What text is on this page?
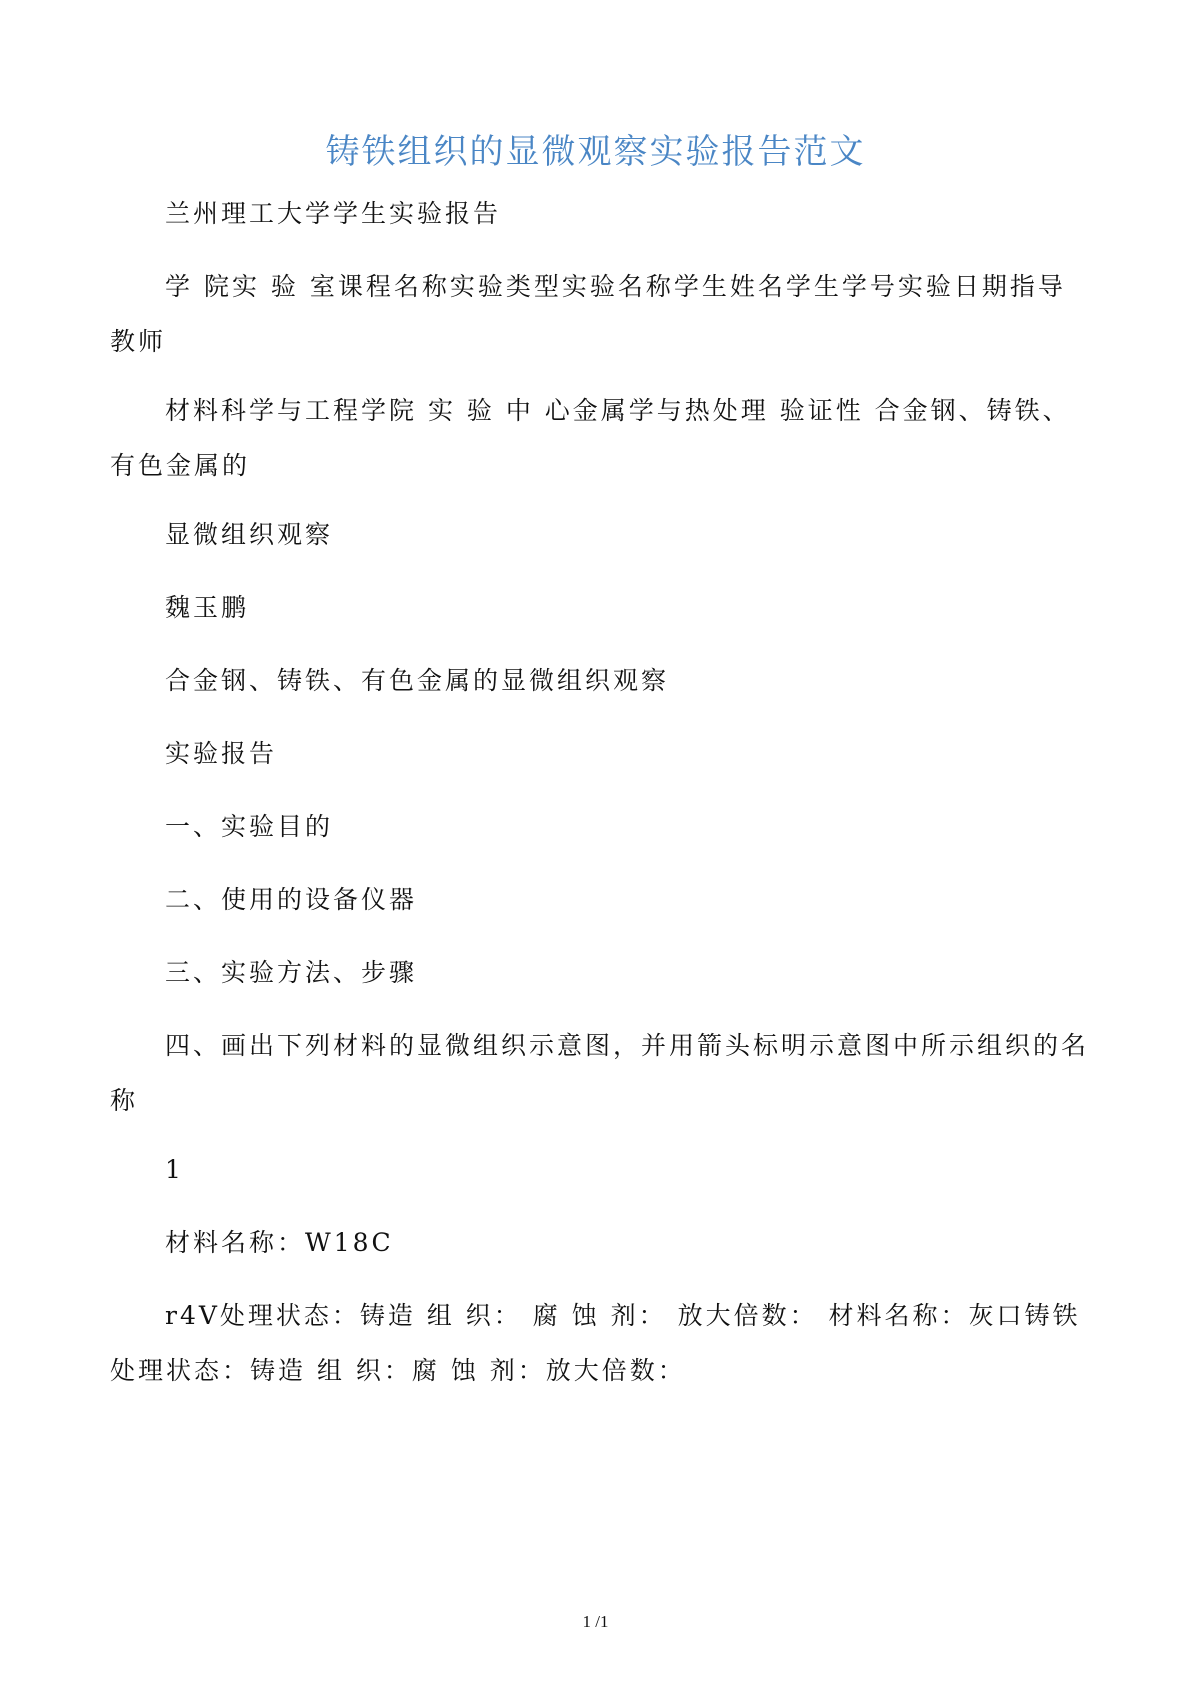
铸铁组织的显微观察实验报告范文

兰州理工大学学生实验报告

学 院实 验 室课程名称实验类型实验名称学生姓名学生学号实验日期指导教师

材料科学与工程学院 实 验 中 心金属学与热处理 验证性 合金钢、铸铁、有色金属的

显微组织观察

魏玉鹏

合金钢、铸铁、有色金属的显微组织观察

实验报告

一、实验目的

二、使用的设备仪器

三、实验方法、步骤

四、画出下列材料的显微组织示意图，并用箭头标明示意图中所示组织的名称

1

材料名称：W18C

r4V处理状态：铸造 组 织： 腐 蚀 剂： 放大倍数： 材料名称：灰口铸铁 处理状态：铸造 组 织：腐 蚀 剂：放大倍数：

1 /1
